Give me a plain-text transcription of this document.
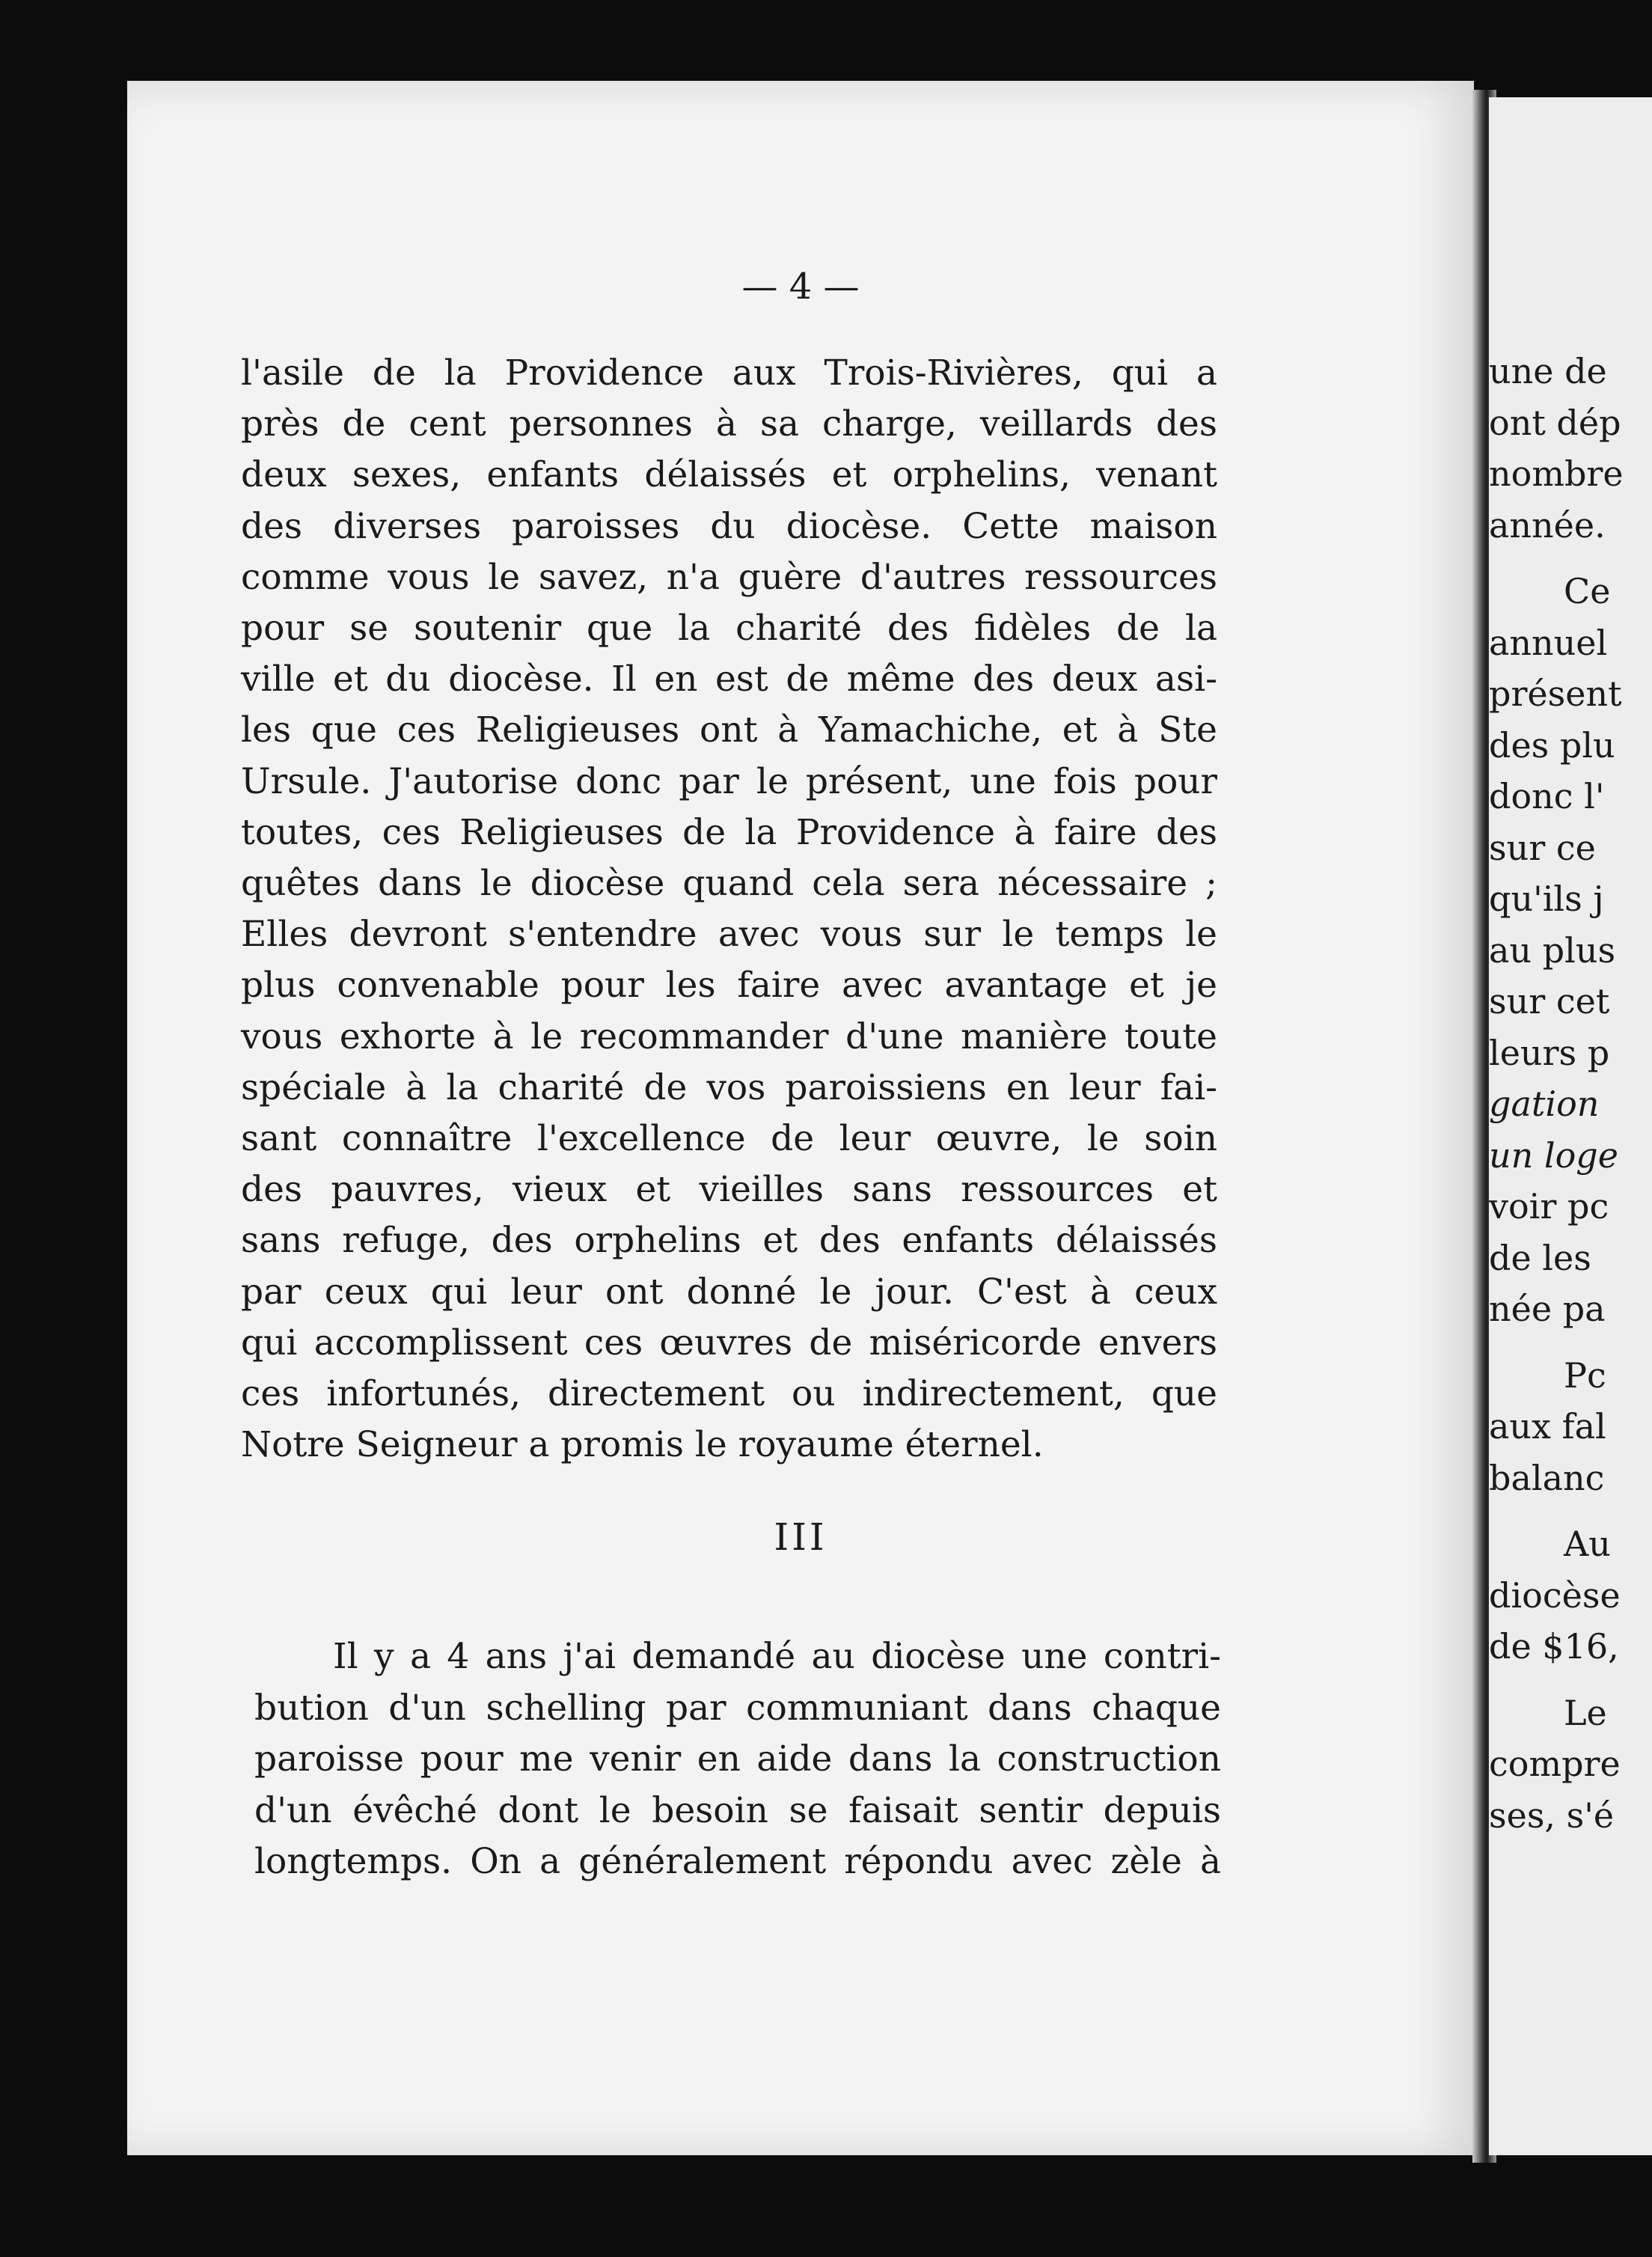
une de
ont dép
nombre
année.
Ce
annuel
présent
des plu
donc l'
sur ce
qu'ils j
au plus
sur cet
leurs p
gation
un loge
voir pc
de les
née pa
Pc
aux fal
balanc
Au
diocèse
de $16,
Le
compre
ses, s'é
— 4 —

l'asile de la Providence aux Trois-Rivières, qui a
près de cent personnes à sa charge, veillards des
deux sexes, enfants délaissés et orphelins, venant
des diverses paroisses du diocèse. Cette maison
comme vous le savez, n'a guère d'autres ressources
pour se soutenir que la charité des fidèles de la
ville et du diocèse. Il en est de même des deux asi-
les que ces Religieuses ont à Yamachiche, et à Ste
Ursule. J'autorise donc par le présent, une fois pour
toutes, ces Religieuses de la Providence à faire des
quêtes dans le diocèse quand cela sera nécessaire ;
Elles devront s'entendre avec vous sur le temps le
plus convenable pour les faire avec avantage et je
vous exhorte à le recommander d'une manière toute
spéciale à la charité de vos paroissiens en leur fai-
sant connaître l'excellence de leur œuvre, le soin
des pauvres, vieux et vieilles sans ressources et
sans refuge, des orphelins et des enfants délaissés
par ceux qui leur ont donné le jour. C'est à ceux
qui accomplissent ces œuvres de miséricorde envers
ces infortunés, directement ou indirectement, que
Notre Seigneur a promis le royaume éternel.

III

Il y a 4 ans j'ai demandé au diocèse une contri-
bution d'un schelling par communiant dans chaque
paroisse pour me venir en aide dans la construction
d'un évêché dont le besoin se faisait sentir depuis
longtemps. On a généralement répondu avec zèle à
